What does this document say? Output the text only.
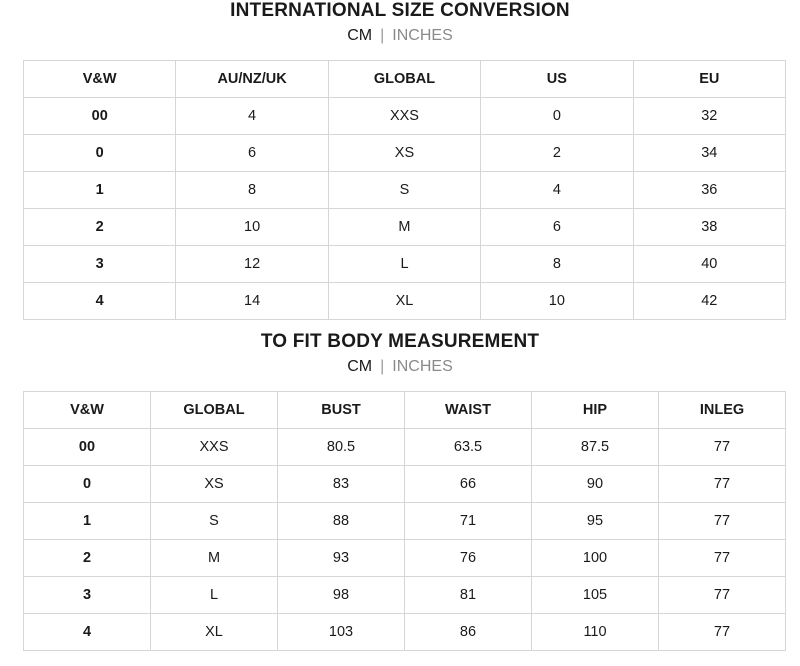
INTERNATIONAL SIZE CONVERSION
CM | INCHES
V&W	AU/NZ/UK	GLOBAL	US	EU
00	4	XXS	0	32
0	6	XS	2	34
1	8	S	4	36
2	10	M	6	38
3	12	L	8	40
4	14	XL	10	42
TO FIT BODY MEASUREMENT
CM | INCHES
V&W	GLOBAL	BUST	WAIST	HIP	INLEG
00	XXS	80.5	63.5	87.5	77
0	XS	83	66	90	77
1	S	88	71	95	77
2	M	93	76	100	77
3	L	98	81	105	77
4	XL	103	86	110	77
